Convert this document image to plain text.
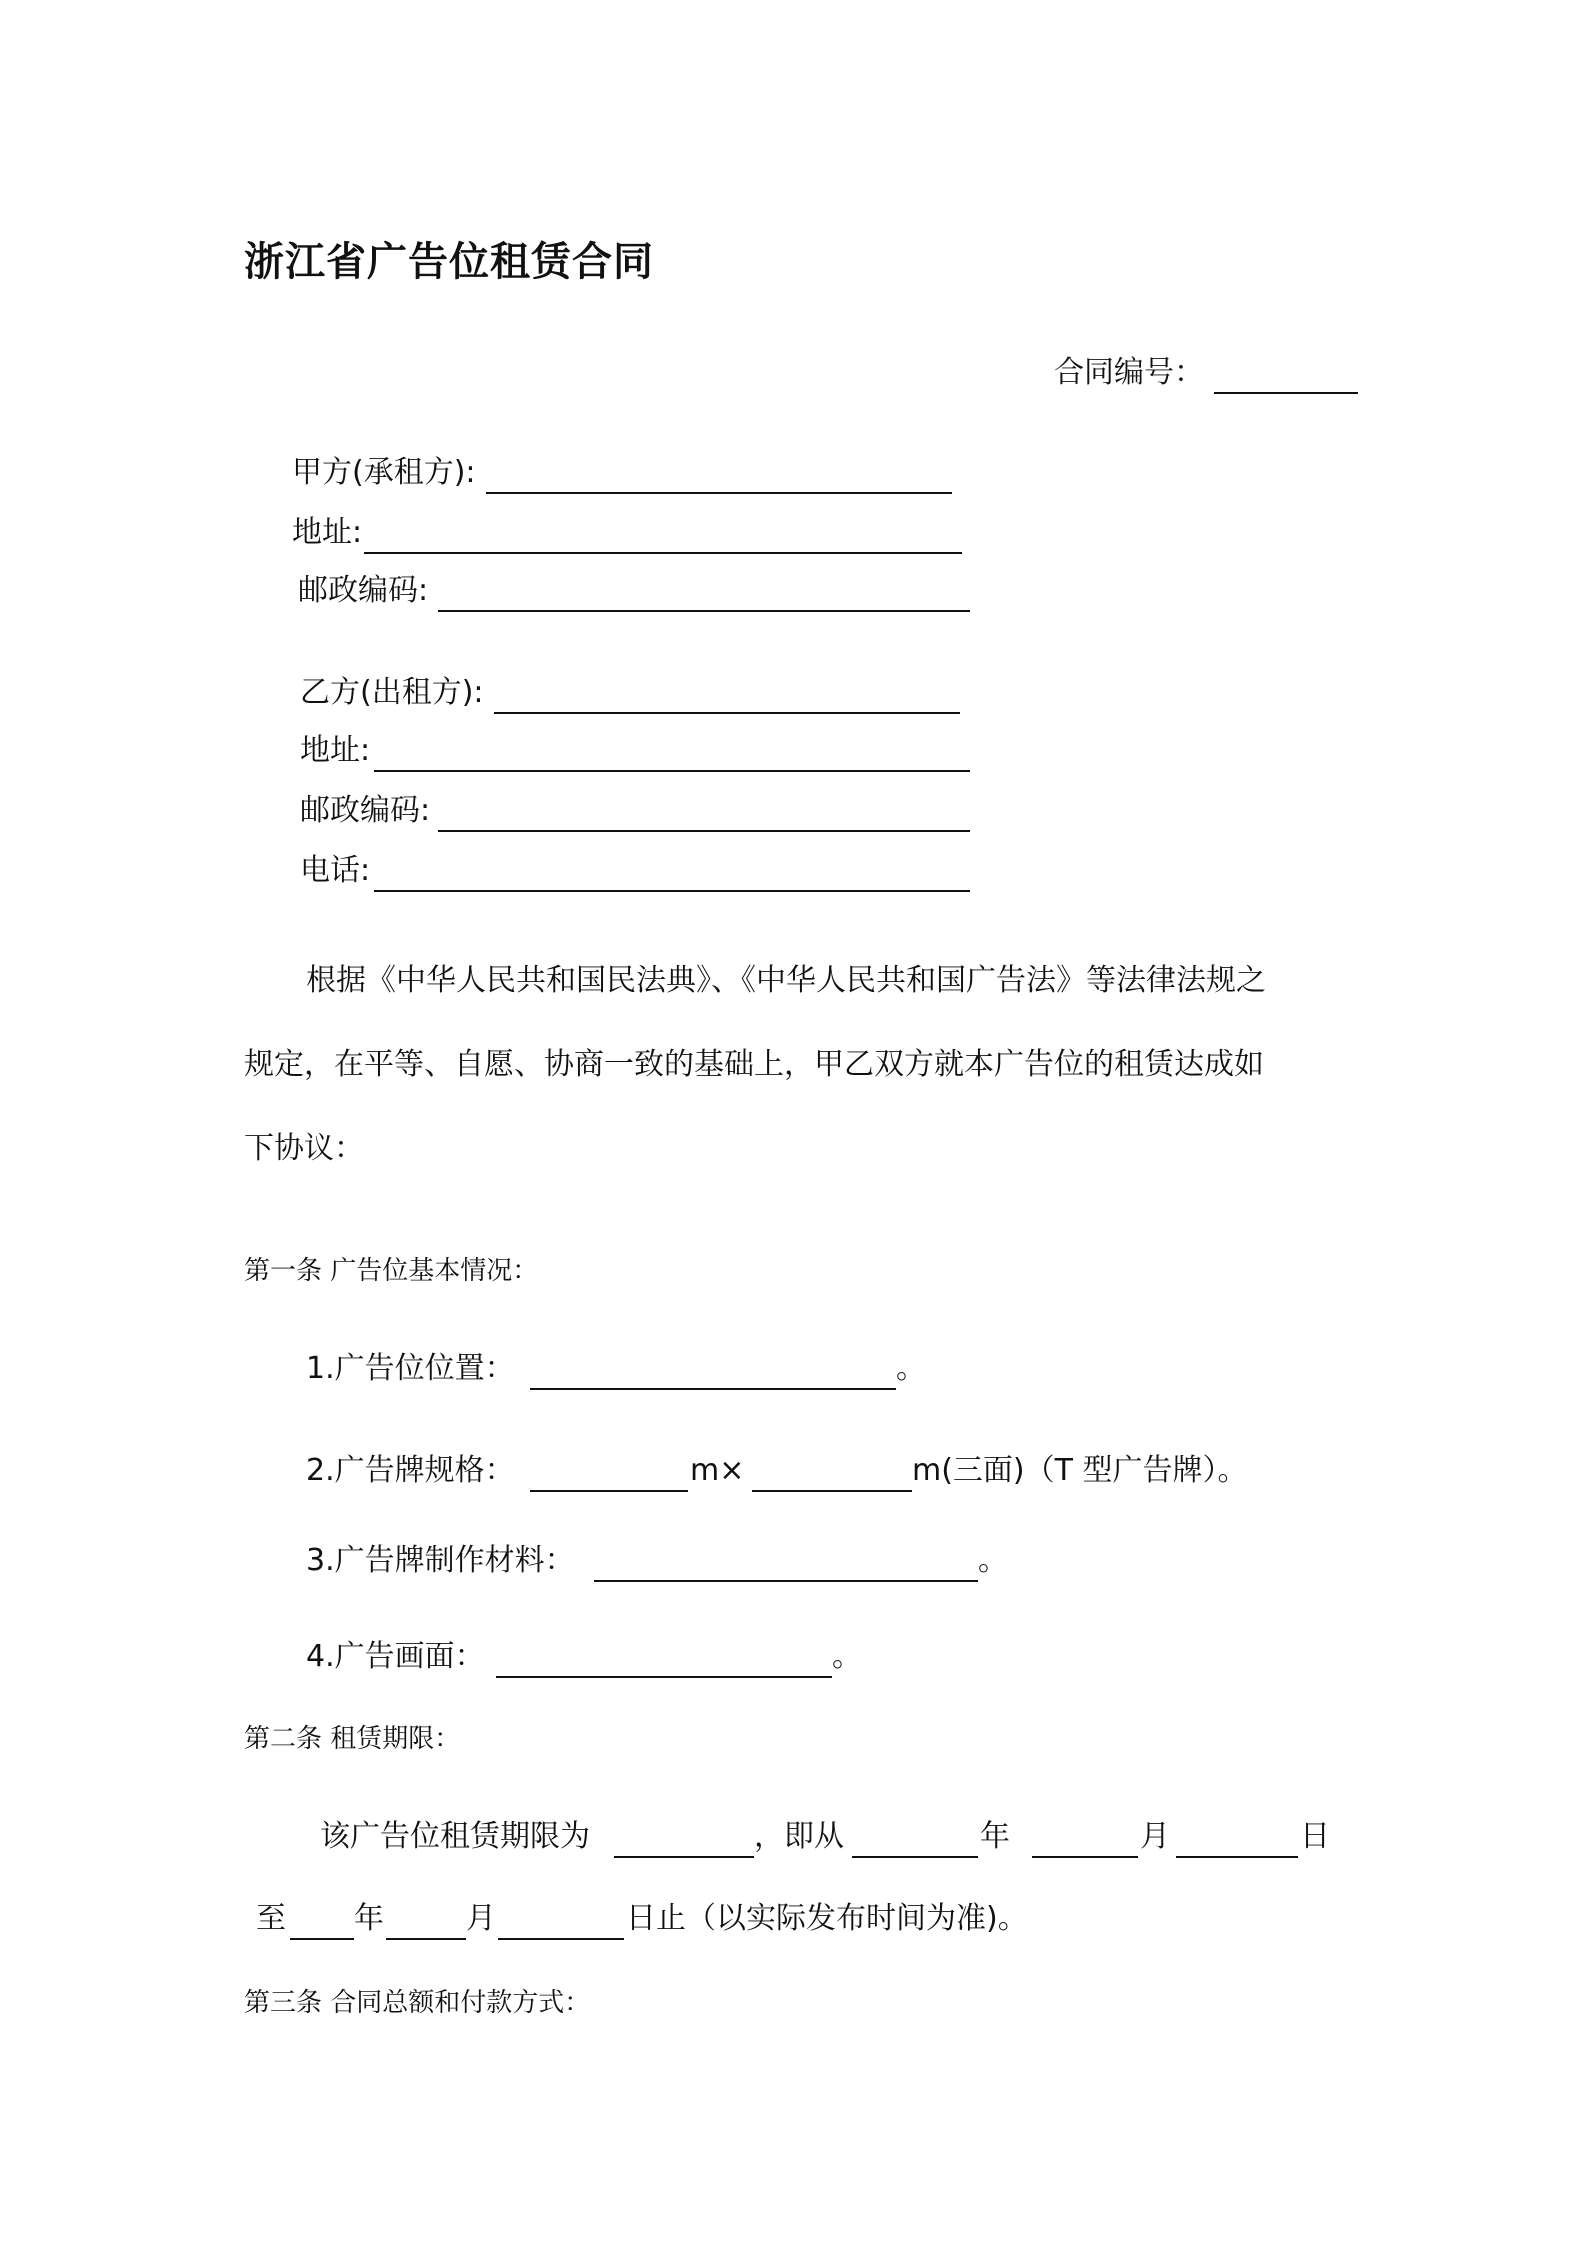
浙江省广告位租赁合同
合同编号：
甲方(承租方):
地址:
邮政编码:
乙方(出租方):
地址:
邮政编码:
电话:
根据《中华人民共和国民法典》、《中华人民共和国广告法》等法律法规之
规定，在平等、自愿、协商一致的基础上，甲乙双方就本广告位的租赁达成如
下协议：
第一条 广告位基本情况：
1.广告位位置：	。
2.广告牌规格：	m×	m(三面)（T 型广告牌）。
3.广告牌制作材料：	。
4.广告画面：	。
第二条 租赁期限：
该广告位租赁期限为	，即从	年	月	日
至 年	月	日止（以实际发布时间为准)。
第三条 合同总额和付款方式：
